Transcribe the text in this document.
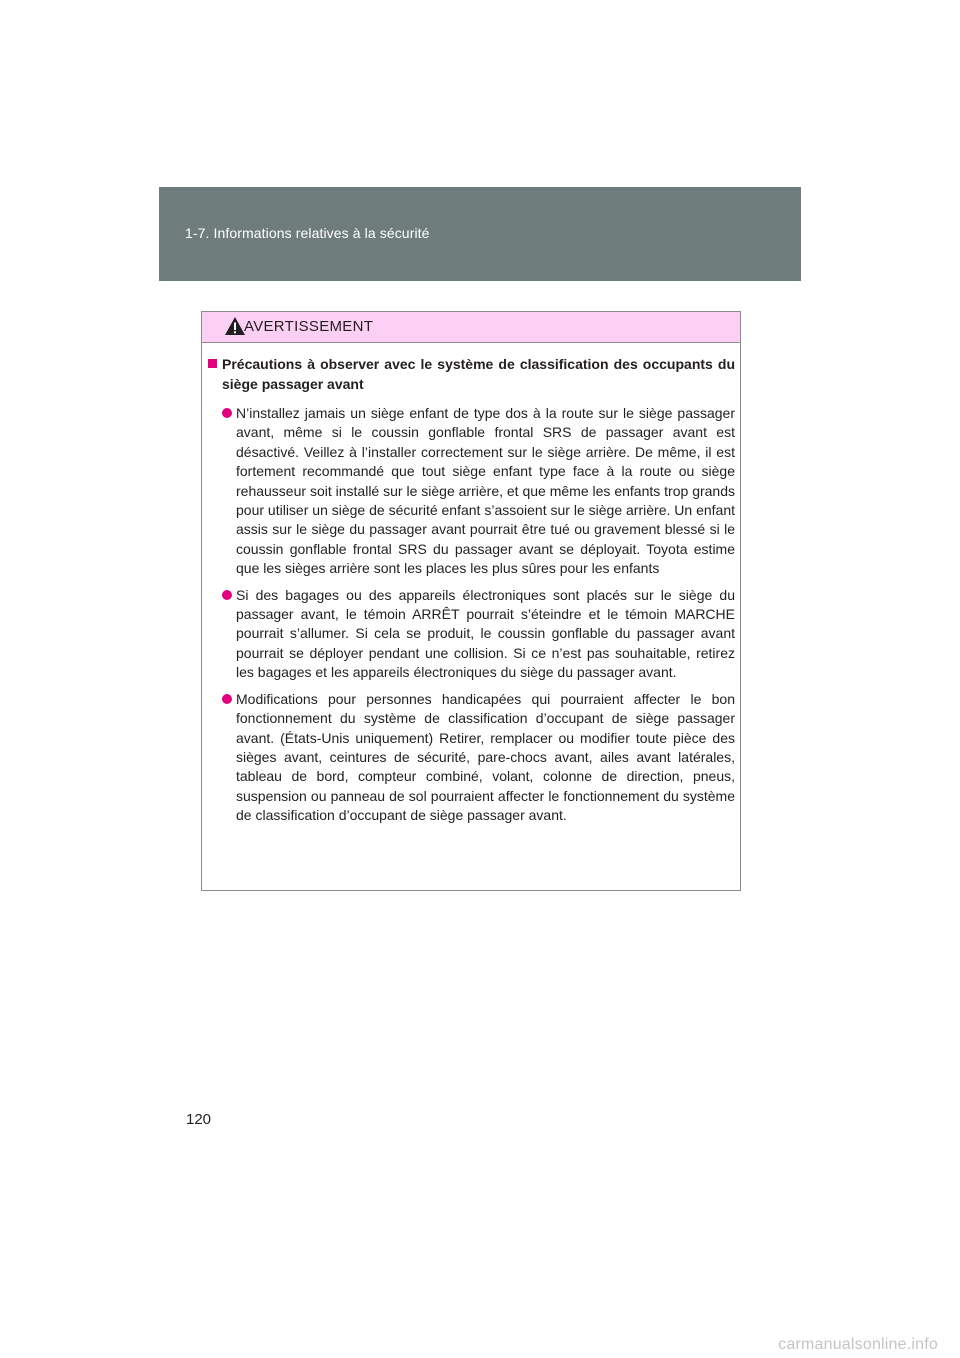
1-7. Informations relatives à la sécurité
AVERTISSEMENT
Précautions à observer avec le système de classification des occupants du siège passager avant
N’installez jamais un siège enfant de type dos à la route sur le siège passager avant, même si le coussin gonflable frontal SRS de passager avant est désactivé. Veillez à l’installer correctement sur le siège arrière. De même, il est fortement recommandé que tout siège enfant type face à la route ou siège rehausseur soit installé sur le siège arrière, et que même les enfants trop grands pour utiliser un siège de sécurité enfant s’assoient sur le siège arrière. Un enfant assis sur le siège du passager avant pourrait être tué ou gravement blessé si le coussin gonflable frontal SRS du passager avant se déployait. Toyota estime que les sièges arrière sont les places les plus sûres pour les enfants
Si des bagages ou des appareils électroniques sont placés sur le siège du passager avant, le témoin ARRÊT pourrait s’éteindre et le témoin MARCHE pourrait s’allumer. Si cela se produit, le coussin gonflable du passager avant pourrait se déployer pendant une collision. Si ce n’est pas souhaitable, retirez les bagages et les appareils électroniques du siège du passager avant.
Modifications pour personnes handicapées qui pourraient affecter le bon fonctionnement du système de classification d’occupant de siège passager avant. (États-Unis uniquement) Retirer, remplacer ou modifier toute pièce des sièges avant, ceintures de sécurité, pare-chocs avant, ailes avant latérales, tableau de bord, compteur combiné, volant, colonne de direction, pneus, suspension ou panneau de sol pourraient affecter le fonctionnement du système de classification d’occupant de siège passager avant.
120
carmanualsonline.info
